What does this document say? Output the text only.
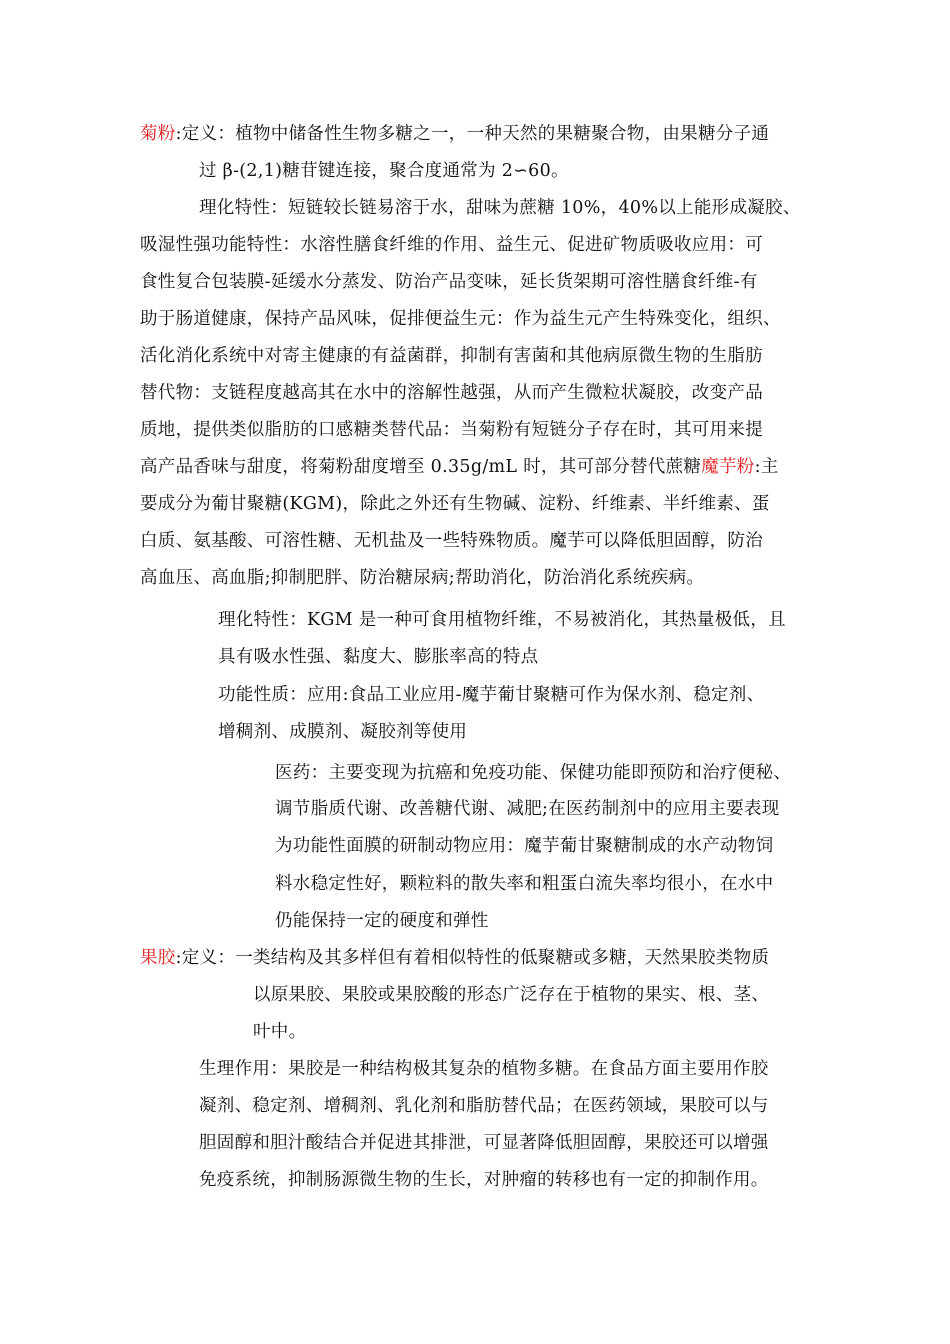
菊粉:定义：植物中储备性生物多糖之一，一种天然的果糖聚合物，由果糖分子通
过 β-(2,1)糖苷键连接，聚合度通常为 2∽60。
理化特性：短链较长链易溶于水，甜味为蔗糖 10%，40%以上能形成凝胶、
吸湿性强功能特性：水溶性膳食纤维的作用、益生元、促进矿物质吸收应用：可
食性复合包装膜-延缓水分蒸发、防治产品变味，延长货架期可溶性膳食纤维-有
助于肠道健康，保持产品风味，促排便益生元：作为益生元产生特殊变化，组织、
活化消化系统中对寄主健康的有益菌群，抑制有害菌和其他病原微生物的生脂肪
替代物：支链程度越高其在水中的溶解性越强，从而产生微粒状凝胶，改变产品
质地，提供类似脂肪的口感糖类替代品：当菊粉有短链分子存在时，其可用来提
高产品香味与甜度，将菊粉甜度增至 0.35g/mL 时，其可部分替代蔗糖魔芋粉:主
要成分为葡甘聚糖(KGM)，除此之外还有生物碱、淀粉、纤维素、半纤维素、蛋
白质、氨基酸、可溶性糖、无机盐及一些特殊物质。魔芋可以降低胆固醇，防治
高血压、高血脂;抑制肥胖、防治糖尿病;帮助消化，防治消化系统疾病。
理化特性：KGM 是一种可食用植物纤维，不易被消化，其热量极低，且
具有吸水性强、黏度大、膨胀率高的特点
功能性质：应用:食品工业应用-魔芋葡甘聚糖可作为保水剂、稳定剂、
增稠剂、成膜剂、凝胶剂等使用
医药：主要变现为抗癌和免疫功能、保健功能即预防和治疗便秘、
调节脂质代谢、改善糖代谢、减肥;在医药制剂中的应用主要表现
为功能性面膜的研制动物应用：魔芋葡甘聚糖制成的水产动物饲
料水稳定性好，颗粒料的散失率和粗蛋白流失率均很小，在水中
仍能保持一定的硬度和弹性
果胶:定义：一类结构及其多样但有着相似特性的低聚糖或多糖，天然果胶类物质
以原果胶、果胶或果胶酸的形态广泛存在于植物的果实、根、茎、
叶中。
生理作用：果胶是一种结构极其复杂的植物多糖。在食品方面主要用作胶
凝剂、稳定剂、增稠剂、乳化剂和脂肪替代品；在医药领域，果胶可以与
胆固醇和胆汁酸结合并促进其排泄，可显著降低胆固醇，果胶还可以增强
免疫系统，抑制肠源微生物的生长，对肿瘤的转移也有一定的抑制作用。
